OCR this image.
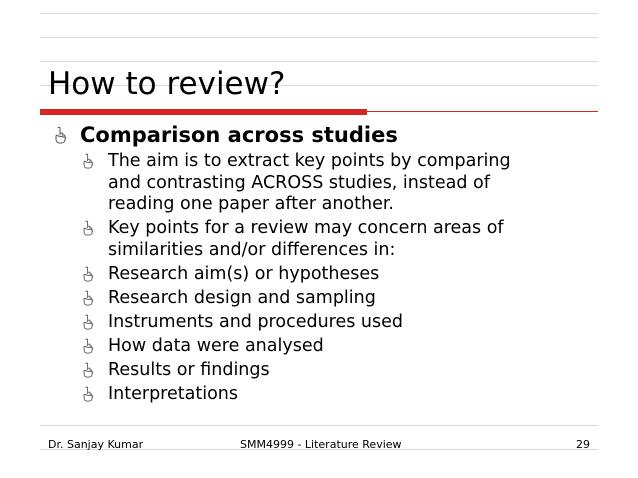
How to review?
Comparison across studies
The aim is to extract key points by comparing
and contrasting ACROSS studies, instead of
reading one paper after another.
Key points for a review may concern areas of
similarities and/or differences in:
Research aim(s) or hypotheses
Research design and sampling
Instruments and procedures used
How data were analysed
Results or findings
Interpretations
Dr. Sanjay Kumar	SMM4999 - Literature Review	29
